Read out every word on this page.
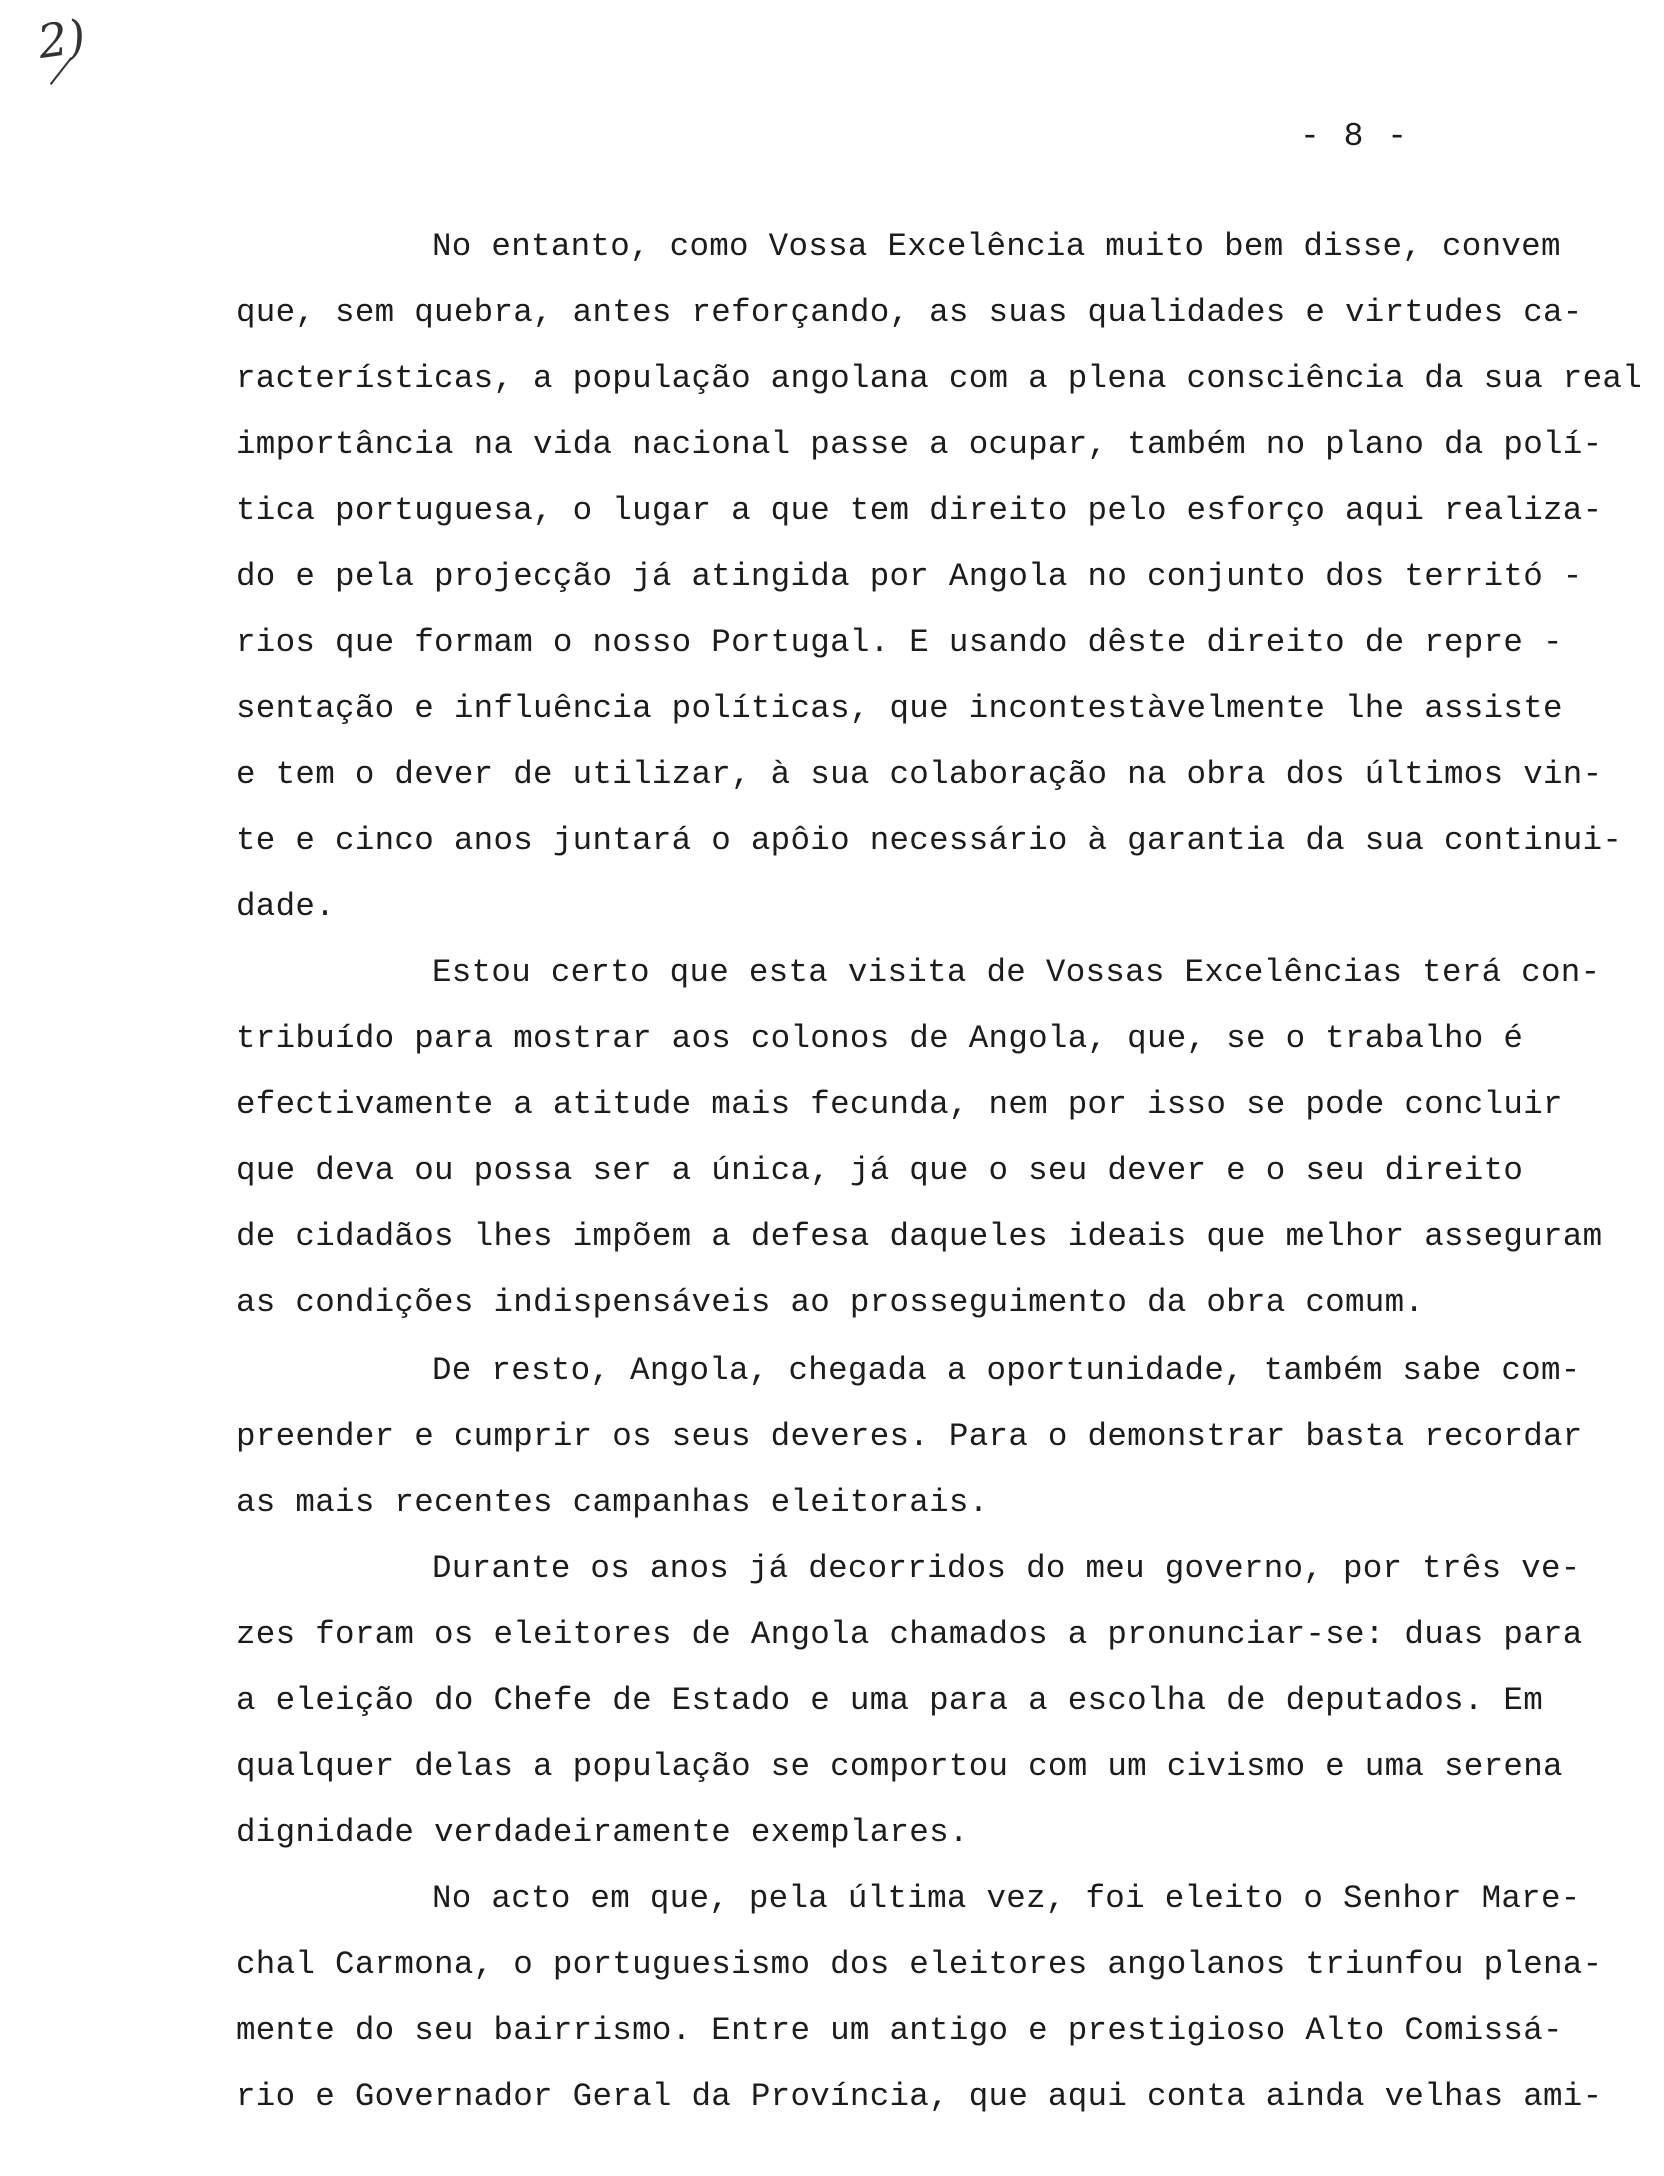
2)
- 8 -
No entanto, como Vossa Excelência muito bem disse, convem
que, sem quebra, antes reforçando, as suas qualidades e virtudes ca-
racterísticas, a população angolana com a plena consciência da sua real
importância na vida nacional passe a ocupar, também no plano da polí-
tica portuguesa, o lugar a que tem direito pelo esforço aqui realiza-
do e pela projecção já atingida por Angola no conjunto dos territó -
rios que formam o nosso Portugal. E usando dêste direito de repre -
sentação e influência políticas, que incontestàvelmente lhe assiste
e tem o dever de utilizar, à sua colaboração na obra dos últimos vin-
te e cinco anos juntará o apôio necessário à garantia da sua continui-
dade.
Estou certo que esta visita de Vossas Excelências terá con-
tribuído para mostrar aos colonos de Angola, que, se o trabalho é
efectivamente a atitude mais fecunda, nem por isso se pode concluir
que deva ou possa ser a única, já que o seu dever e o seu direito
de cidadãos lhes impõem a defesa daqueles ideais que melhor asseguram
as condições indispensáveis ao prosseguimento da obra comum.
De resto, Angola, chegada a oportunidade, também sabe com-
preender e cumprir os seus deveres. Para o demonstrar basta recordar
as mais recentes campanhas eleitorais.
Durante os anos já decorridos do meu governo, por três ve-
zes foram os eleitores de Angola chamados a pronunciar-se: duas para
a eleição do Chefe de Estado e uma para a escolha de deputados. Em
qualquer delas a população se comportou com um civismo e uma serena
dignidade verdadeiramente exemplares.
No acto em que, pela última vez, foi eleito o Senhor Mare-
chal Carmona, o portuguesismo dos eleitores angolanos triunfou plena-
mente do seu bairrismo. Entre um antigo e prestigioso Alto Comissá-
rio e Governador Geral da Província, que aqui conta ainda velhas ami-
